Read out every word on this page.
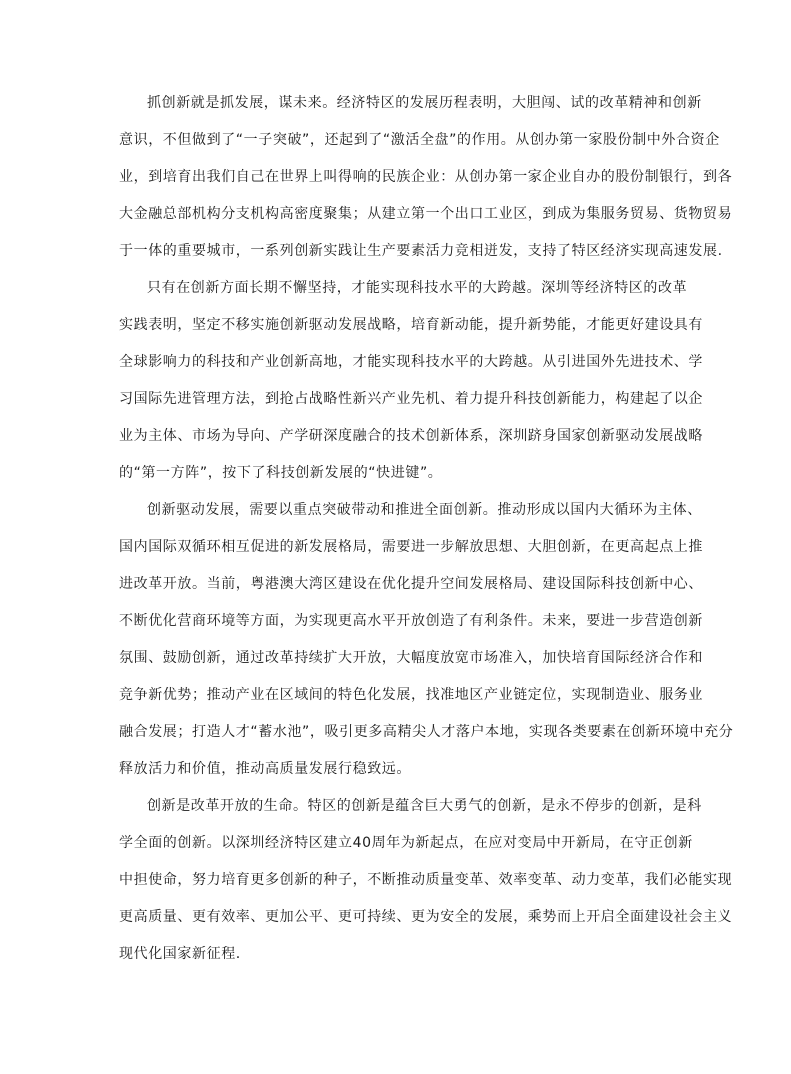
抓创新就是抓发展，谋未来。经济特区的发展历程表明，大胆闯、试的改革精神和创新
意识，不但做到了“一子突破”，还起到了“激活全盘”的作用。从创办第一家股份制中外合资企
业，到培育出我们自己在世界上叫得响的民族企业：从创办第一家企业自办的股份制银行，到各
大金融总部机构分支机构高密度聚集；从建立第一个出口工业区，到成为集服务贸易、货物贸易
于一体的重要城市，一系列创新实践让生产要素活力竞相迸发，支持了特区经济实现高速发展.
只有在创新方面长期不懈坚持，才能实现科技水平的大跨越。深圳等经济特区的改革
实践表明，坚定不移实施创新驱动发展战略，培育新动能，提升新势能，才能更好建设具有
全球影响力的科技和产业创新高地，才能实现科技水平的大跨越。从引进国外先进技术、学
习国际先进管理方法，到抢占战略性新兴产业先机、着力提升科技创新能力，构建起了以企
业为主体、市场为导向、产学研深度融合的技术创新体系，深圳跻身国家创新驱动发展战略
的“第一方阵”，按下了科技创新发展的“快进键”。
创新驱动发展，需要以重点突破带动和推进全面创新。推动形成以国内大循环为主体、
国内国际双循环相互促进的新发展格局，需要进一步解放思想、大胆创新，在更高起点上推
进改革开放。当前，粤港澳大湾区建设在优化提升空间发展格局、建设国际科技创新中心、
不断优化营商环境等方面，为实现更高水平开放创造了有利条件。未来，要进一步营造创新
氛围、鼓励创新，通过改革持续扩大开放，大幅度放宽市场准入，加快培育国际经济合作和
竞争新优势；推动产业在区域间的特色化发展，找准地区产业链定位，实现制造业、服务业
融合发展；打造人才“蓄水池”，吸引更多高精尖人才落户本地，实现各类要素在创新环境中充分
释放活力和价值，推动高质量发展行稳致远。
创新是改革开放的生命。特区的创新是蕴含巨大勇气的创新，是永不停步的创新，是科
学全面的创新。以深圳经济特区建立40周年为新起点，在应对变局中开新局，在守正创新
中担使命，努力培育更多创新的种子，不断推动质量变革、效率变革、动力变革，我们必能实现
更高质量、更有效率、更加公平、更可持续、更为安全的发展，乘势而上开启全面建设社会主义
现代化国家新征程.
